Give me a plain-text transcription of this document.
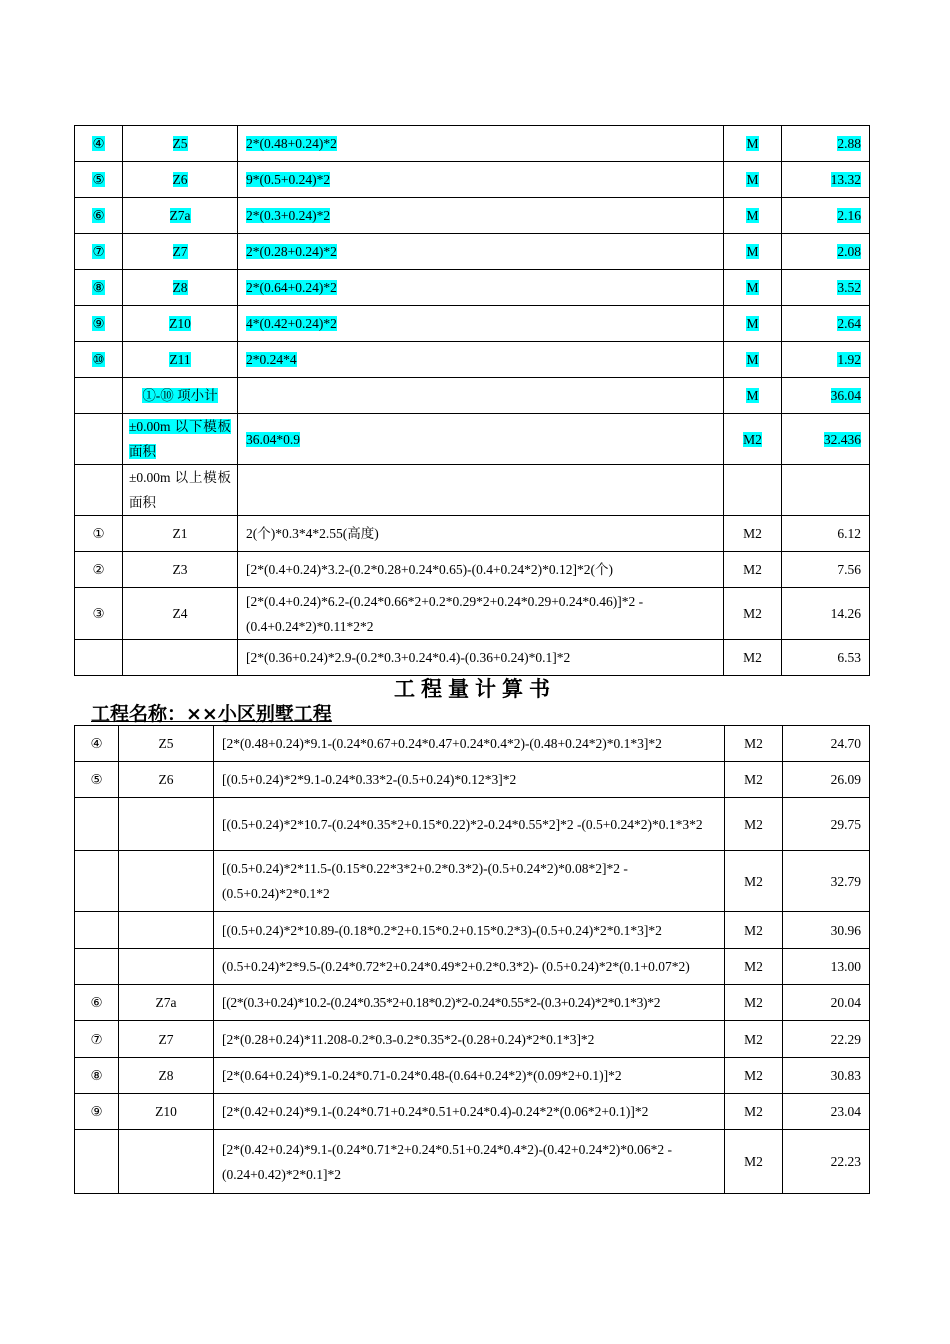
④	Z5	2*(0.48+0.24)*2	M	2.88
⑤	Z6	9*(0.5+0.24)*2	M	13.32
⑥	Z7a	2*(0.3+0.24)*2	M	2.16
⑦	Z7	2*(0.28+0.24)*2	M	2.08
⑧	Z8	2*(0.64+0.24)*2	M	3.52
⑨	Z10	4*(0.42+0.24)*2	M	2.64
⑩	Z11	2*0.24*4	M	1.92
	①-⑩ 项小计		M	36.04
	±0.00m 以下模板面积	36.04*0.9	M2	32.436
	±0.00m 以上模板面积			
①	Z1	2(个)*0.3*4*2.55(高度)	M2	6.12
②	Z3	[2*(0.4+0.24)*3.2-(0.2*0.28+0.24*0.65)-(0.4+0.24*2)*0.12]*2(个)	M2	7.56
③	Z4	[2*(0.4+0.24)*6.2-(0.24*0.66*2+0.2*0.29*2+0.24*0.29+0.24*0.46)]*2 -(0.4+0.24*2)*0.11*2*2	M2	14.26
		[2*(0.36+0.24)*2.9-(0.2*0.3+0.24*0.4)-(0.36+0.24)*0.1]*2	M2	6.53
工程量计算书
工程名称：××小区别墅工程
④	Z5	[2*(0.48+0.24)*9.1-(0.24*0.67+0.24*0.47+0.24*0.4*2)-(0.48+0.24*2)*0.1*3]*2	M2	24.70
⑤	Z6	[(0.5+0.24)*2*9.1-0.24*0.33*2-(0.5+0.24)*0.12*3]*2	M2	26.09
		[(0.5+0.24)*2*10.7-(0.24*0.35*2+0.15*0.22)*2-0.24*0.55*2]*2 -(0.5+0.24*2)*0.1*3*2	M2	29.75
		[(0.5+0.24)*2*11.5-(0.15*0.22*3*2+0.2*0.3*2)-(0.5+0.24*2)*0.08*2]*2 -(0.5+0.24)*2*0.1*2	M2	32.79
		[(0.5+0.24)*2*10.89-(0.18*0.2*2+0.15*0.2+0.15*0.2*3)-(0.5+0.24)*2*0.1*3]*2	M2	30.96

		(0.5+0.24)*2*9.5-(0.24*0.72*2+0.24*0.49*2+0.2*0.3*2)- (0.5+0.24)*2*(0.1+0.07*2)	M2	13.00
⑥	Z7a	[(2*(0.3+0.24)*10.2-(0.24*0.35*2+0.18*0.2)*2-0.24*0.55*2-(0.3+0.24)*2*0.1*3)*2	M2	20.04
⑦	Z7	[2*(0.28+0.24)*11.208-0.2*0.3-0.2*0.35*2-(0.28+0.24)*2*0.1*3]*2	M2	22.29
⑧	Z8	[2*(0.64+0.24)*9.1-0.24*0.71-0.24*0.48-(0.64+0.24*2)*(0.09*2+0.1)]*2	M2	30.83
⑨	Z10	[2*(0.42+0.24)*9.1-(0.24*0.71+0.24*0.51+0.24*0.4)-0.24*2*(0.06*2+0.1)]*2	M2	23.04
		[2*(0.42+0.24)*9.1-(0.24*0.71*2+0.24*0.51+0.24*0.4*2)-(0.42+0.24*2)*0.06*2 -(0.24+0.42)*2*0.1]*2	M2	22.23
